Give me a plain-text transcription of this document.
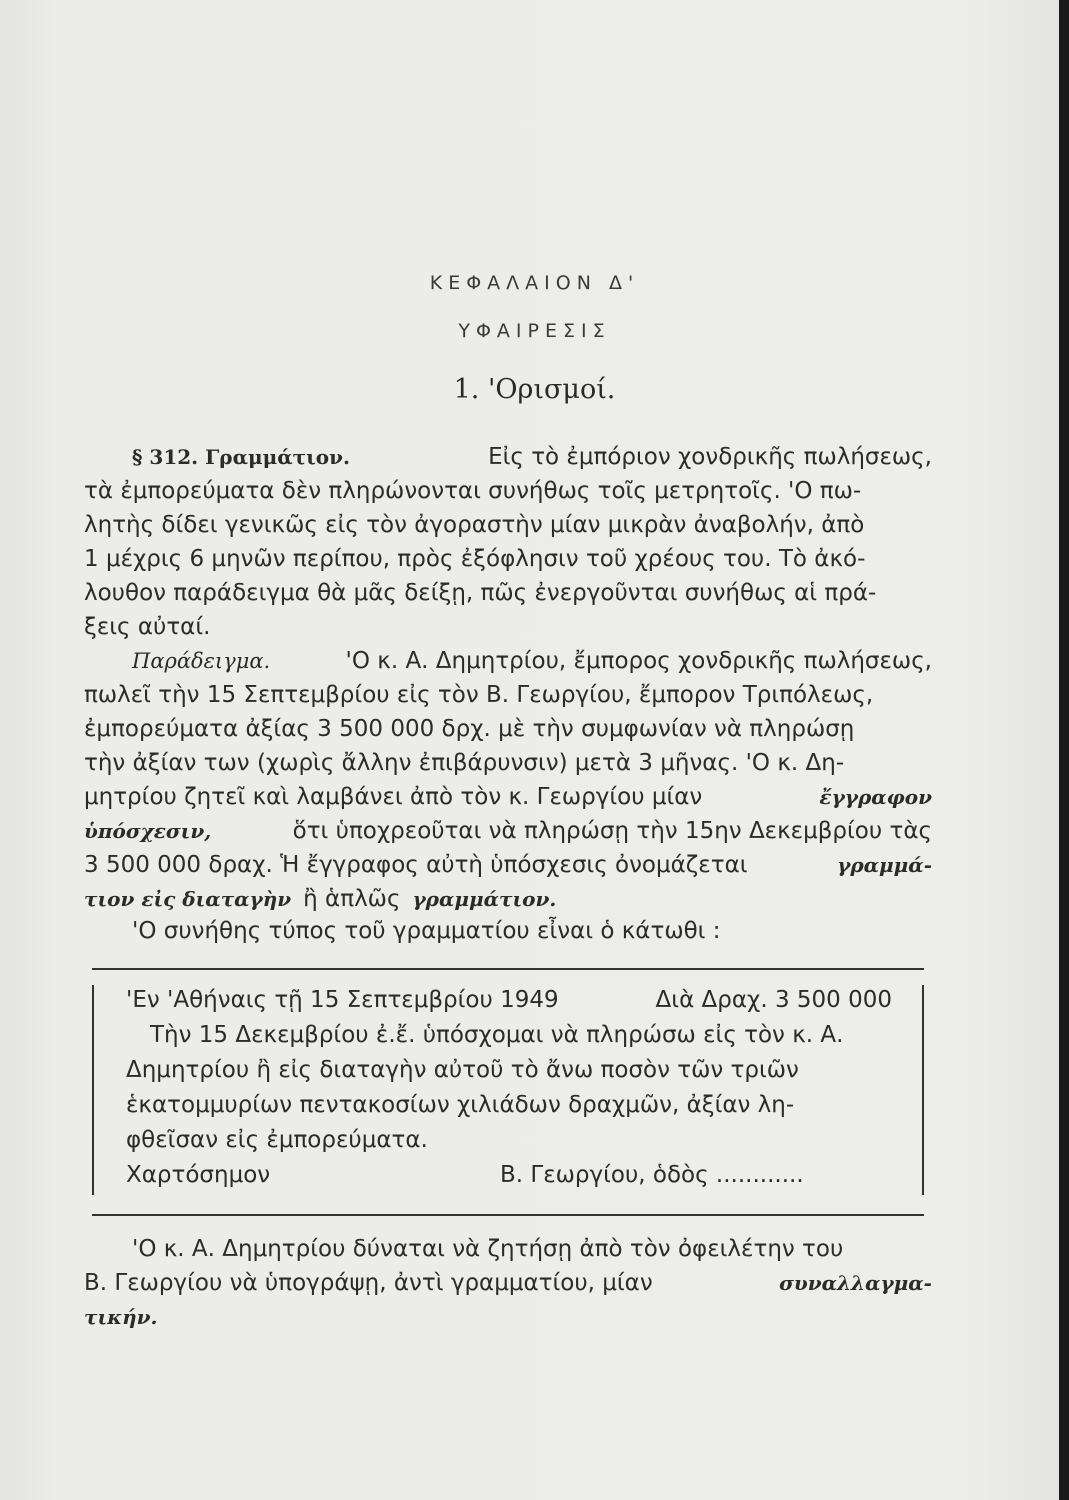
ΚΕΦΑΛΑΙΟΝ Δ'
ΥΦΑΙΡΕΣΙΣ
1. 'Ορισμοί.
§ 312. Γραμμάτιον.	Εἰς τὸ ἐμπόριον χονδρικῆς πωλήσεως,
τὰ ἐμπορεύματα δὲν πληρώνονται συνήθως τοῖς μετρητοῖς. 'Ο πω-
λητὴς δίδει γενικῶς εἰς τὸν ἀγοραστὴν μίαν μικρὰν ἀναβολήν, ἀπὸ
1 μέχρις 6 μηνῶν περίπου, πρὸς ἐξόφλησιν τοῦ χρέους του. Τὸ ἀκό-
λουθον παράδειγμα θὰ μᾶς δείξῃ, πῶς ἐνεργοῦνται συνήθως αἱ πρά-
ξεις αὐταί.
Παράδειγμα.	'Ο κ. Α. Δημητρίου, ἔμπορος χονδρικῆς πωλήσεως,
πωλεῖ τὴν 15 Σεπτεμβρίου εἰς τὸν Β. Γεωργίου, ἔμπορον Τριπόλεως,
ἐμπορεύματα ἀξίας 3 500 000 δρχ. μὲ τὴν συμφωνίαν νὰ πληρώσῃ
τὴν ἀξίαν των (χωρὶς ἄλλην ἐπιβάρυνσιν) μετὰ 3 μῆνας. 'Ο κ. Δη-
μητρίου ζητεῖ καὶ λαμβάνει ἀπὸ τὸν κ. Γεωργίου μίαν	ἔγγραφον
ὑπόσχεσιν,	ὅτι ὑποχρεοῦται νὰ πληρώσῃ τὴν 15ην Δεκεμβρίου τὰς
3 500 000 δραχ. Ἡ ἔγγραφος αὐτὴ ὑπόσχεσις ὀνομάζεται	γραμμά-
τιον εἰς διαταγὴν ἢ ἁπλῶς γραμμάτιον.
'Ο συνήθης τύπος τοῦ γραμματίου εἶναι ὁ κάτωθι :
'Εν 'Αθήναις τῇ 15 Σεπτεμβρίου 1949	Διὰ Δραχ. 3 500 000
Τὴν 15 Δεκεμβρίου ἐ.ἔ. ὑπόσχομαι νὰ πληρώσω εἰς τὸν κ. Α.
Δημητρίου ἢ εἰς διαταγὴν αὐτοῦ τὸ ἄνω ποσὸν τῶν τριῶν
ἑκατομμυρίων πεντακοσίων χιλιάδων δραχμῶν, ἀξίαν λη-
φθεῖσαν εἰς ἐμπορεύματα.
Χαρτόσημον	Β. Γεωργίου, ὁδὸς ............
'Ο κ. Α. Δημητρίου δύναται νὰ ζητήσῃ ἀπὸ τὸν ὀφειλέτην του
Β. Γεωργίου νὰ ὑπογράψῃ, ἀντὶ γραμματίου, μίαν	συναλλαγμα-
τικήν.
